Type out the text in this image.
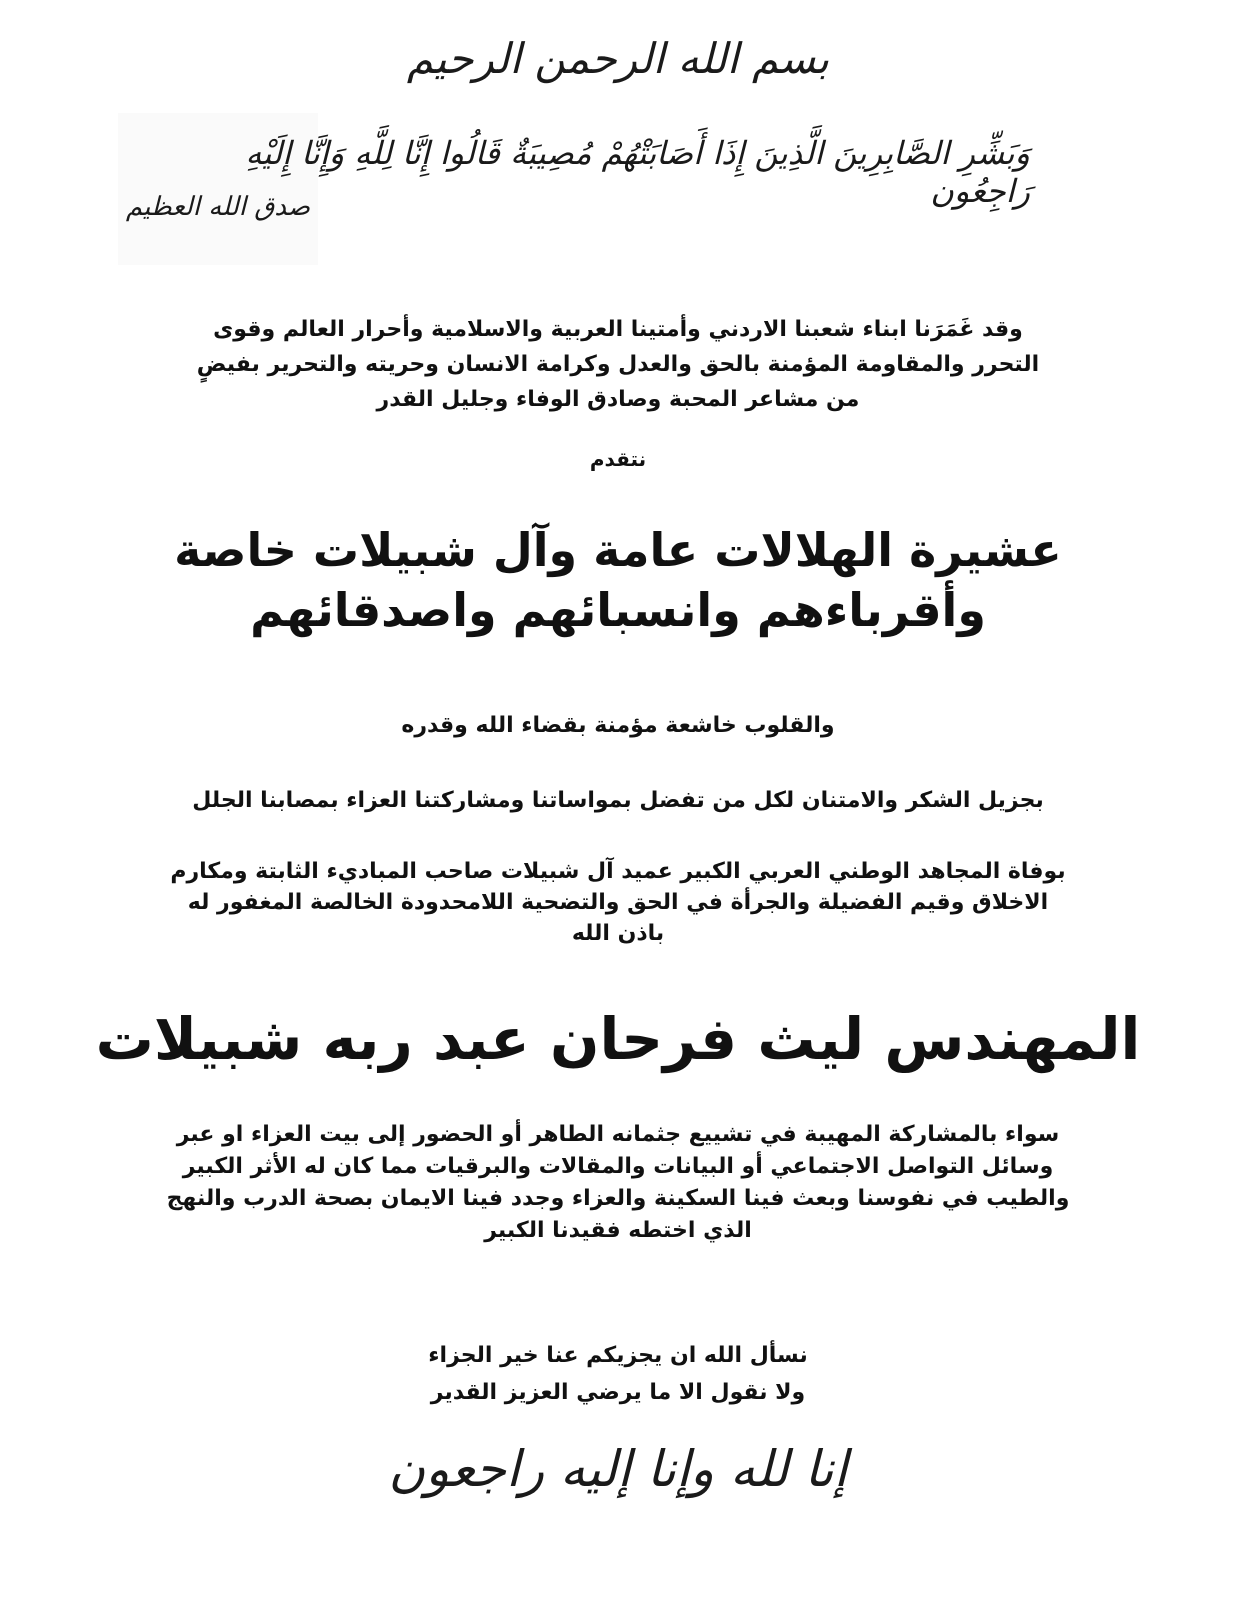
بسم الله الرحمن الرحيم
وَبَشِّرِ الصَّابِرِينَ الَّذِينَ إِذَا أَصَابَتْهُمْ مُصِيبَةٌ قَالُوا إِنَّا لِلَّهِ وَإِنَّا إِلَيْهِ رَاجِعُون
صدق الله العظيم
وقد غَمَرَنا ابناء شعبنا الاردني وأمتينا العربية والاسلامية وأحرار العالم وقوى
التحرر والمقاومة المؤمنة بالحق والعدل وكرامة الانسان وحريته والتحرير بفيضٍ
من مشاعر المحبة وصادق الوفاء وجليل القدر
نتقدم
عشيرة الهلالات عامة وآل شبيلات خاصة
وأقرباءهم وانسبائهم واصدقائهم
والقلوب خاشعة مؤمنة بقضاء الله وقدره
بجزيل الشكر والامتنان لكل من تفضل بمواساتنا ومشاركتنا العزاء بمصابنا الجلل
بوفاة المجاهد الوطني العربي الكبير عميد آل شبيلات صاحب المباديء الثابتة ومكارم
الاخلاق وقيم الفضيلة والجرأة في الحق والتضحية اللامحدودة الخالصة المغفور له
باذن الله
المهندس ليث فرحان عبد ربه شبيلات
سواء بالمشاركة المهيبة في تشييع جثمانه الطاهر أو الحضور إلى بيت العزاء او عبر
وسائل التواصل الاجتماعي أو البيانات والمقالات والبرقيات مما كان له الأثر الكبير
والطيب في نفوسنا وبعث فينا السكينة والعزاء وجدد فينا الايمان بصحة الدرب والنهج
الذي اختطه فقيدنا الكبير
نسأل الله ان يجزيكم عنا خير الجزاء
ولا نقول الا ما يرضي العزيز القدير
إنا لله وإنا إليه راجعون
